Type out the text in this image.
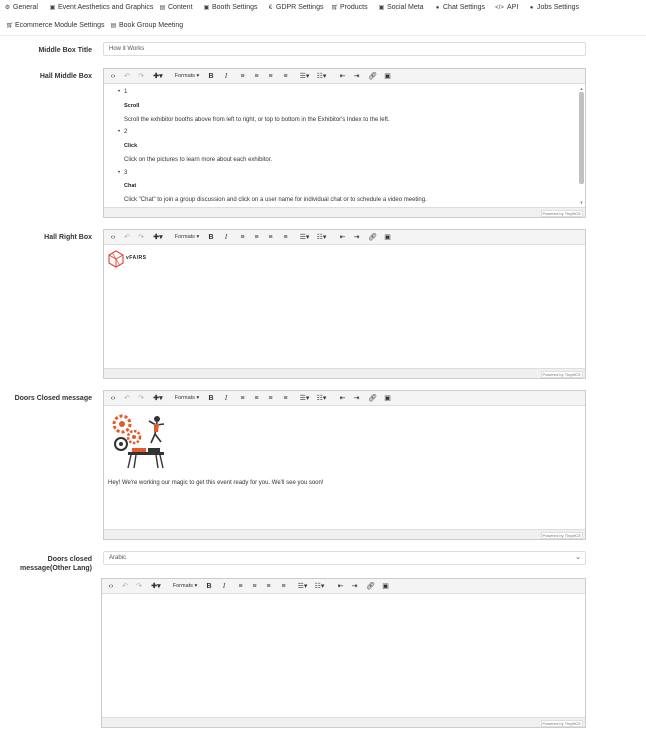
⚙ General ▣ Event Aesthetics and Graphics ▤ Content ▣ Booth Settings	€ GDPR Settings 🛒︎ Products ▣ Social Meta ● Chat Settings </> API ● Jobs Settings
🛒︎ Ecommerce Module Settings ▤ Book Group Meeting
Middle Box Title	How it Works
Hall Middle Box	‹› ↶ ↷	✚▾	Formats ▾ B	I	≡	≡	≡	≡	☰▾ ☷▾ ⇤ ⇥ 🔗︎ ▣
• 1
Scroll
Scroll the exhibitor booths above from left to right, or top to bottom in the Exhibitor's Index to the left.
• 2
Click
Click on the pictures to learn more about each exhibitor.
• 3
Chat
Click "Chat" to join a group discussion and click on a user name for individual chat or to schedule a video meeting.
▲
▼
Powered by TinyMCE
Hall Right Box	‹› ↶ ↷	✚▾	Formats ▾ B	I	≡	≡	≡	≡	☰▾ ☷▾ ⇤ ⇥ 🔗︎ ▣
vFAIRS
Powered by TinyMCE
Doors Closed message	‹› ↶ ↷	✚▾	Formats ▾ B	I	≡	≡	≡	≡	☰▾ ☷▾ ⇤ ⇥ 🔗︎ ▣
Hey! We're working our magic to get this event ready for you. We'll see you soon!
Powered by TinyMCE
Doors closed message(Other Lang)
Arabic	⌄
‹› ↶ ↷	✚▾	Formats ▾ B	I	≡	≡	≡	≡	☰▾ ☷▾ ⇤ ⇥ 🔗︎ ▣
Powered by TinyMCE
